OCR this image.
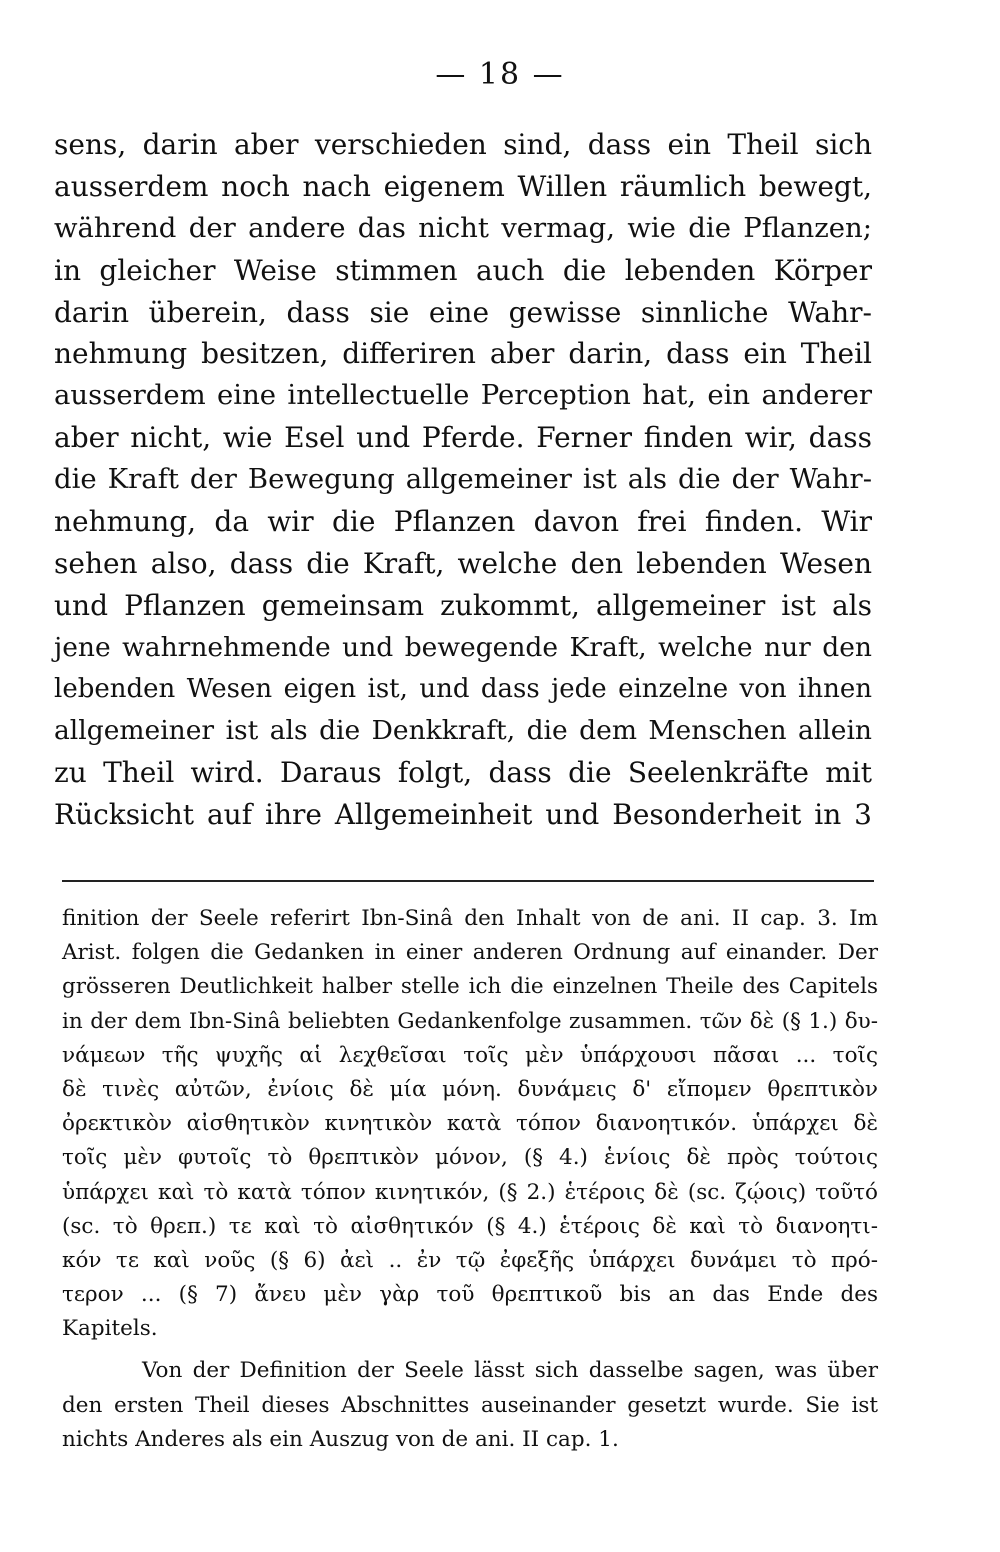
— 18 —
sens, darin aber verschieden sind, dass ein Theil sich
ausserdem noch nach eigenem Willen räumlich bewegt,
während der andere das nicht vermag, wie die Pflanzen;
in gleicher Weise stimmen auch die lebenden Körper
darin überein, dass sie eine gewisse sinnliche Wahr-
nehmung besitzen, differiren aber darin, dass ein Theil
ausserdem eine intellectuelle Perception hat, ein anderer
aber nicht, wie Esel und Pferde. Ferner finden wir, dass
die Kraft der Bewegung allgemeiner ist als die der Wahr-
nehmung, da wir die Pflanzen davon frei finden. Wir
sehen also, dass die Kraft, welche den lebenden Wesen
und Pflanzen gemeinsam zukommt, allgemeiner ist als
jene wahrnehmende und bewegende Kraft, welche nur den
lebenden Wesen eigen ist, und dass jede einzelne von ihnen
allgemeiner ist als die Denkkraft, die dem Menschen allein
zu Theil wird. Daraus folgt, dass die Seelenkräfte mit
Rücksicht auf ihre Allgemeinheit und Besonderheit in 3
finition der Seele referirt Ibn-Sinâ den Inhalt von de ani. II cap. 3. Im
Arist. folgen die Gedanken in einer anderen Ordnung auf einander. Der
grösseren Deutlichkeit halber stelle ich die einzelnen Theile des Capitels
in der dem Ibn-Sinâ beliebten Gedankenfolge zusammen. τῶν δὲ (§ 1.) δυ-
νάμεων τῆς ψυχῆς αἱ λεχθεῖσαι τοῖς μὲν ὑπάρχουσι πᾶσαι ... τοῖς
δὲ τινὲς αὐτῶν, ἐνίοις δὲ μία μόνη. δυνάμεις δ' εἴπομεν θρεπτικὸν
ὀρεκτικὸν αἰσθητικὸν κινητικὸν κατὰ τόπον διανοητικόν. ὑπάρχει δὲ
τοῖς μὲν φυτοῖς τὸ θρεπτικὸν μόνον, (§ 4.) ἑνίοις δὲ πρὸς τούτοις
ὑπάρχει καὶ τὸ κατὰ τόπον κινητικόν, (§ 2.) ἑτέροις δὲ (sc. ζῴοις) τοῦτό
(sc. τὸ θρεπ.) τε καὶ τὸ αἰσθητικόν (§ 4.) ἑτέροις δὲ καὶ τὸ διανοητι-
κόν τε καὶ νοῦς (§ 6) ἀεὶ .. ἐν τῷ ἐφεξῆς ὑπάρχει δυνάμει τὸ πρό-
τερον ... (§ 7) ἄνευ μὲν γὰρ τοῦ θρεπτικοῦ bis an das Ende des
Kapitels.
Von der Definition der Seele lässt sich dasselbe sagen, was über
den ersten Theil dieses Abschnittes auseinander gesetzt wurde. Sie ist
nichts Anderes als ein Auszug von de ani. II cap. 1.
